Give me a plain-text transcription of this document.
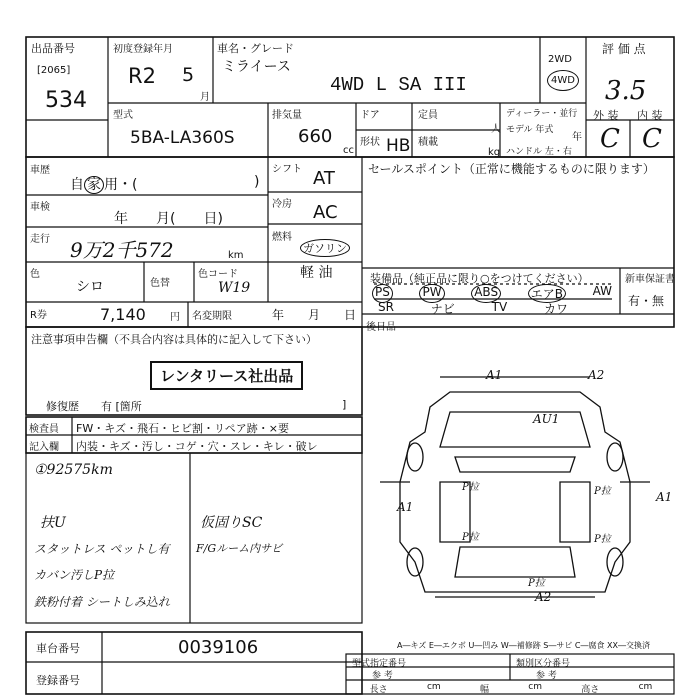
出品番号
[2065]
534
初度登録年月
R2 5
月
車名・グレード
ミライース
4WD L SA III
2WD
4WD
評 価 点
3.5
外 装 内 装
C C
型式
5BA-LA360S
排気量
660
cc
ドア
形状 HB
定員
人
積載
kg
ディーラー・並行
モデル 年式
年
ハンドル 左・右
車歴
自 家 用・(	)
シフト AT	セールスポイント（正常に機能するものに限ります）
車検
年　　月(　　日)
冷房 AC
走行 9万2千572	km
燃料
ガソリン
軽 油
色
シロ	色替
色コード
W19
装備品（純正品に限り○をつけてください）
PS	PW	ABS	エアB AW
SR	ナビ	TV	カワ
新車保証書
有・無
R券	7,140 円 名変期限	年　　月　　日
後日品
注意事項申告欄（不具合内容は具体的に記入して下さい）
レンタリース社出品
修復歴　　有 [箇所	]
検査員
記入欄
FW・キズ・飛石・ヒビ割・リペア跡・×要
内装・キズ・汚し・コゲ・穴・スレ・キレ・破レ
①92575km
扶U
スタットレス ペットし有
カバン汚しP拉
鉄粉付着 シートしみ込れ
仮固りSC
F/Gルーム内サビ
A1	A2
AU1
P拉	P拉
A1
A1
P拉	P拉
A2
P拉
車台番号	0039106
登録番号
A―キズ E―エクボ U―凹み W―補修跡 S―サビ C―腐食 XX―交換済
型式指定番号	類別区分番号
参 考	参 考
長さ	cm	幅	cm	高さ	cm
